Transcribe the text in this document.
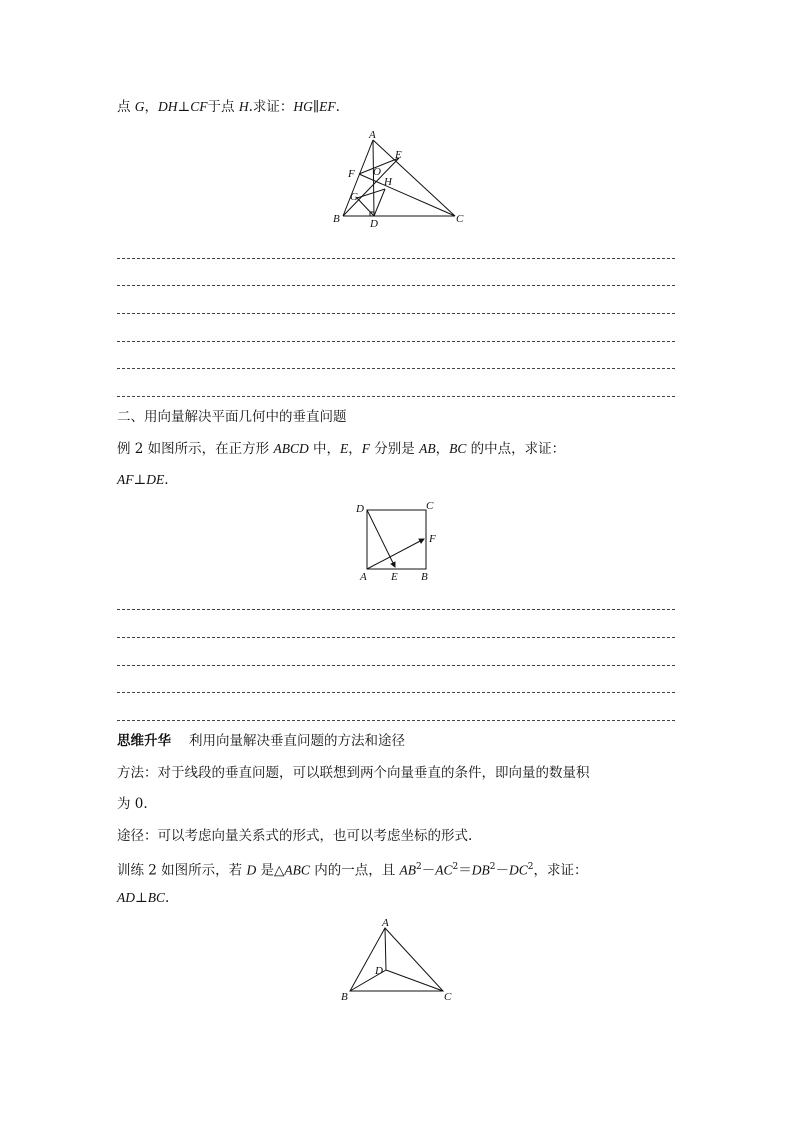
点 G，DH⊥CF于点 H.求证：HG∥EF.
A
B	C
D
E
F
G
H
O
二、用向量解决平面几何中的垂直问题
例 2 如图所示，在正方形 ABCD 中，E，F 分别是 AB，BC 的中点，求证：
AF⊥DE.
D	C
F
A E B
思维升华 利用向量解决垂直问题的方法和途径
方法：对于线段的垂直问题，可以联想到两个向量垂直的条件，即向量的数量积
为 0.
途径：可以考虑向量关系式的形式，也可以考虑坐标的形式.
训练 2 如图所示，若 D 是△ABC 内的一点，且 $AB^2-AC^2=DB^2-DC^2$，求证：
AD⊥BC.
A
D
B	C
